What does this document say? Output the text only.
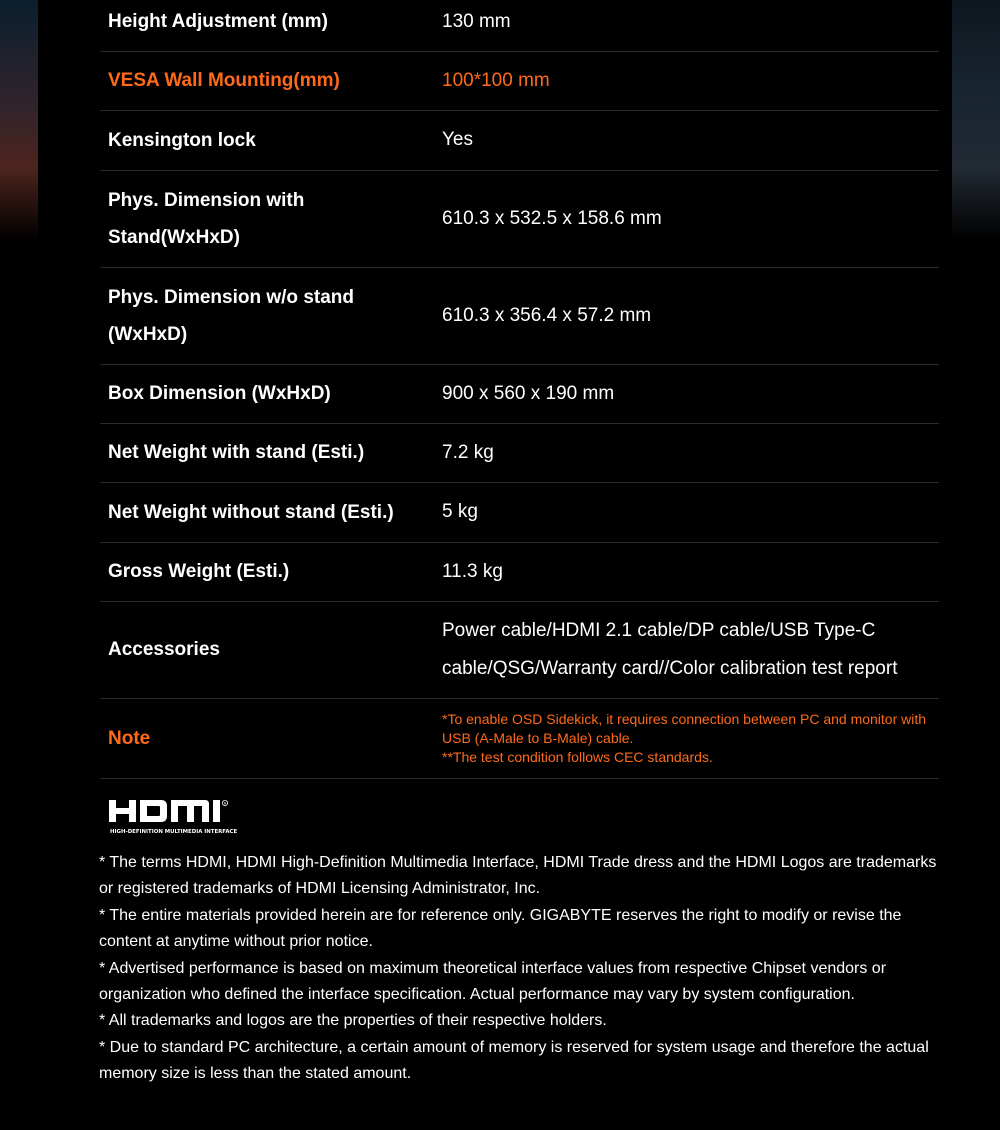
Height Adjustment (mm)	130 mm
VESA Wall Mounting(mm)	100*100 mm
Kensington lock	Yes
Phys. Dimension with Stand(WxHxD)	610.3 x 532.5 x 158.6 mm
Phys. Dimension w/o stand (WxHxD)	610.3 x 356.4 x 57.2 mm
Box Dimension (WxHxD)	900 x 560 x 190 mm
Net Weight with stand (Esti.)	7.2 kg
Net Weight without stand (Esti.)	5 kg
Gross Weight (Esti.)	11.3 kg
Accessories	Power cable/HDMI 2.1 cable/DP cable/USB Type-C cable/QSG/Warranty card//Color calibration test report
Note	*To enable OSD Sidekick, it requires connection between PC and monitor with USB (A-Male to B-Male) cable.
**The test condition follows CEC standards.
R
HIGH-DEFINITION MULTIMEDIA INTERFACE

* The terms HDMI, HDMI High-Definition Multimedia Interface, HDMI Trade dress and the HDMI Logos are trademarks or registered trademarks of HDMI Licensing Administrator, Inc.

* The entire materials provided herein are for reference only. GIGABYTE reserves the right to modify or revise the content at anytime without prior notice.

* Advertised performance is based on maximum theoretical interface values from respective Chipset vendors or organization who defined the interface specification. Actual performance may vary by system configuration.

* All trademarks and logos are the properties of their respective holders.

* Due to standard PC architecture, a certain amount of memory is reserved for system usage and therefore the actual memory size is less than the stated amount.
